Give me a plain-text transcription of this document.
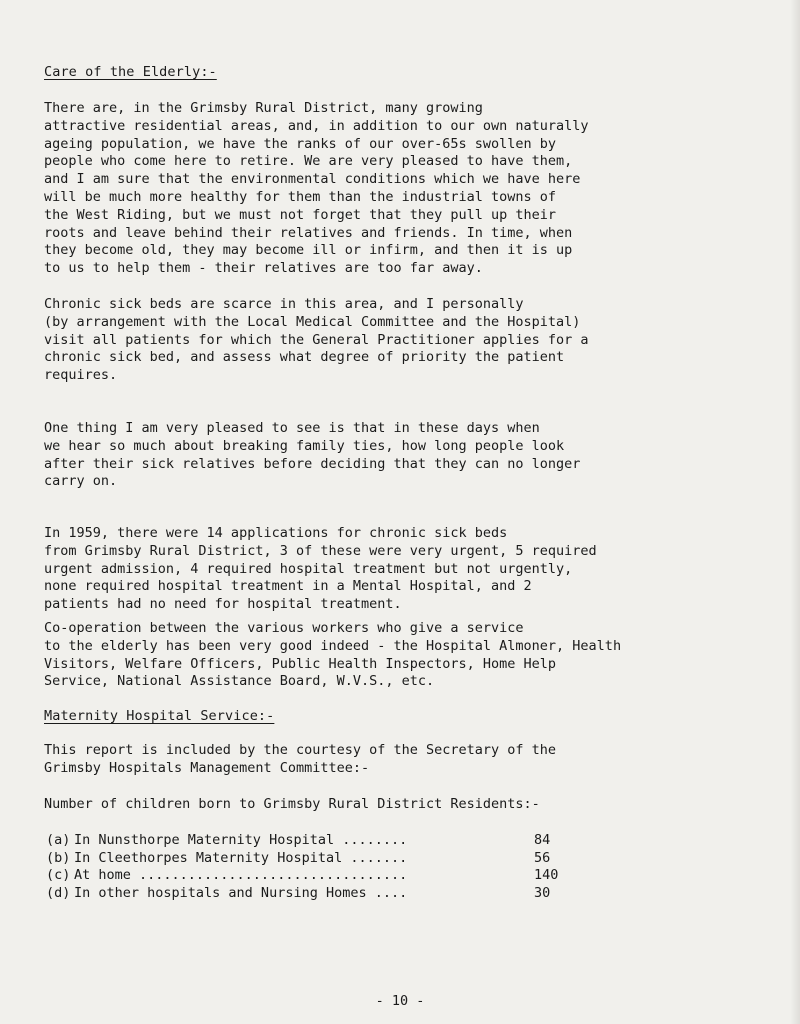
Care of the Elderly:-
There are, in the Grimsby Rural District, many growing
attractive residential areas, and, in addition to our own naturally
ageing population, we have the ranks of our over-65s swollen by
people who come here to retire. We are very pleased to have them,
and I am sure that the environmental conditions which we have here
will be much more healthy for them than the industrial towns of
the West Riding, but we must not forget that they pull up their
roots and leave behind their relatives and friends. In time, when
they become old, they may become ill or infirm, and then it is up
to us to help them - their relatives are too far away.
Chronic sick beds are scarce in this area, and I personally
(by arrangement with the Local Medical Committee and the Hospital)
visit all patients for which the General Practitioner applies for a
chronic sick bed, and assess what degree of priority the patient
requires.
One thing I am very pleased to see is that in these days when
we hear so much about breaking family ties, how long people look
after their sick relatives before deciding that they can no longer
carry on.
In 1959, there were 14 applications for chronic sick beds
from Grimsby Rural District, 3 of these were very urgent, 5 required
urgent admission, 4 required hospital treatment but not urgently,
none required hospital treatment in a Mental Hospital, and 2
patients had no need for hospital treatment.
Co-operation between the various workers who give a service
to the elderly has been very good indeed - the Hospital Almoner, Health
Visitors, Welfare Officers, Public Health Inspectors, Home Help
Service, National Assistance Board, W.V.S., etc.
Maternity Hospital Service:-
This report is included by the courtesy of the Secretary of the
Grimsby Hospitals Management Committee:-
Number of children born to Grimsby Rural District Residents:-
(a) In Nunsthorpe Maternity Hospital ........	84
(b) In Cleethorpes Maternity Hospital .......	56
(c) At home .................................	140
(d) In other hospitals and Nursing Homes ....	30
- 10 -
